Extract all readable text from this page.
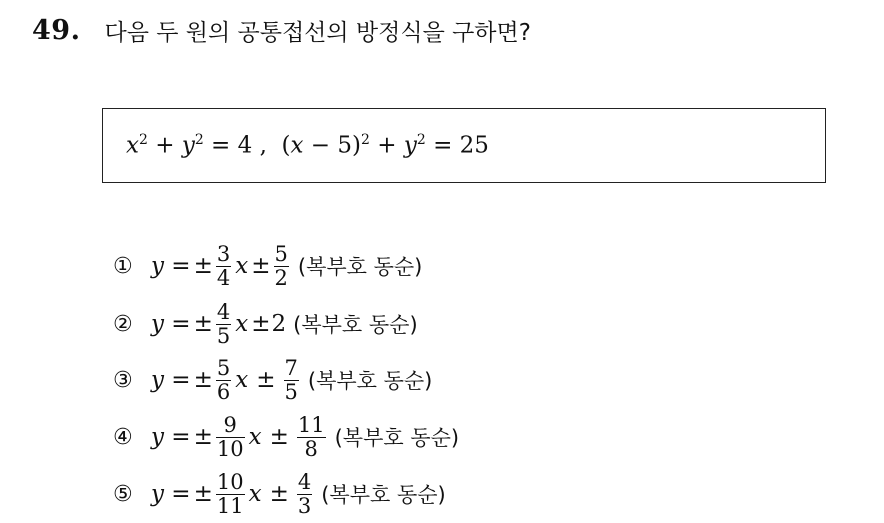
49. 다음 두 원의 공통접선의 방정식을 구하면?
$x^2 + y^2 = 4$ , $(x - 5)^2 + y^2 = 25$
① y = ± $\frac{3}{4}$ $x \pm \frac{5}{2}$ (복부호 동순)
② y = ± $\frac{4}{5}$ x ± 2 (복부호 동순)
③ y = ± $\frac{5}{6}$ $x \pm \frac{7}{5}$ (복부호 동순)
④ y = ± $\frac{9}{10}$ $x \pm \frac{11}{8}$ (복부호 동순)
⑤ y = ± $\frac{10}{11}$ $x \pm \frac{4}{3}$ (복부호 동순)
